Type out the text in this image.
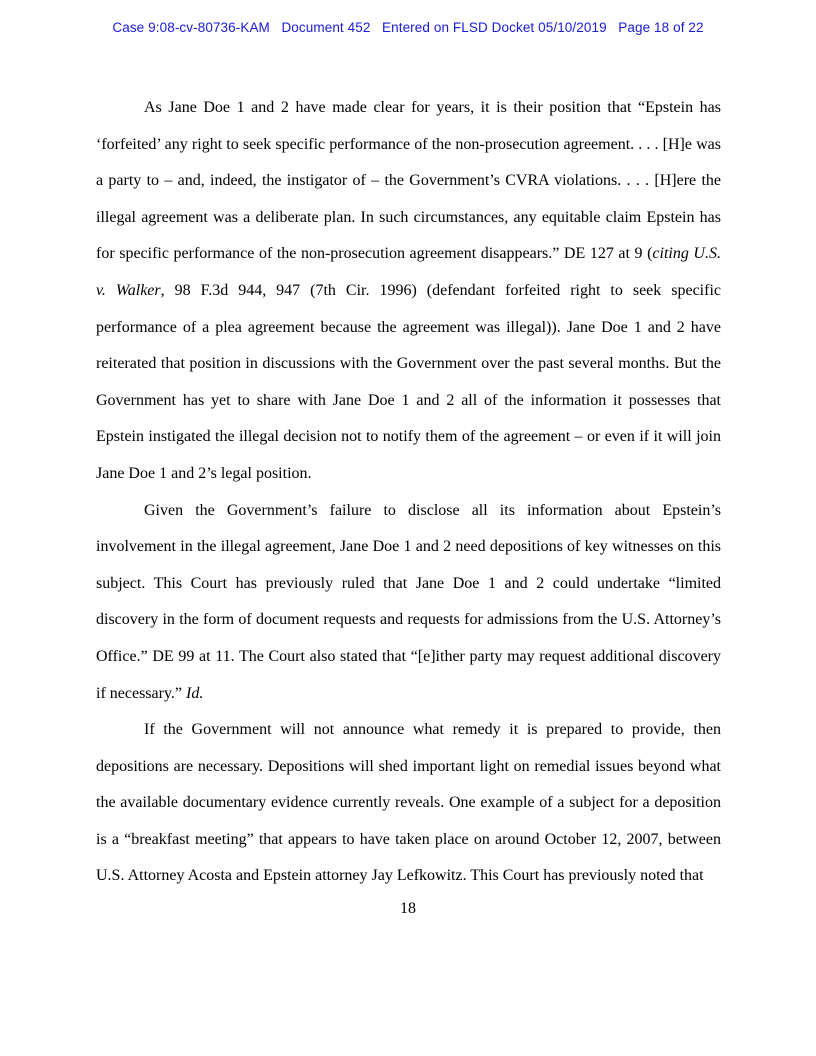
Case 9:08-cv-80736-KAM   Document 452   Entered on FLSD Docket 05/10/2019   Page 18 of 22

As Jane Doe 1 and 2 have made clear for years, it is their position that “Epstein has ‘forfeited’ any right to seek specific performance of the non-prosecution agreement. . . . [H]e was a party to – and, indeed, the instigator of – the Government’s CVRA violations. . . . [H]ere the illegal agreement was a deliberate plan. In such circumstances, any equitable claim Epstein has for specific performance of the non-prosecution agreement disappears.” DE 127 at 9 (citing U.S. v. Walker, 98 F.3d 944, 947 (7th Cir. 1996) (defendant forfeited right to seek specific performance of a plea agreement because the agreement was illegal)). Jane Doe 1 and 2 have reiterated that position in discussions with the Government over the past several months. But the Government has yet to share with Jane Doe 1 and 2 all of the information it possesses that Epstein instigated the illegal decision not to notify them of the agreement – or even if it will join Jane Doe 1 and 2’s legal position.

Given the Government’s failure to disclose all its information about Epstein’s involvement in the illegal agreement, Jane Doe 1 and 2 need depositions of key witnesses on this subject. This Court has previously ruled that Jane Doe 1 and 2 could undertake “limited discovery in the form of document requests and requests for admissions from the U.S. Attorney’s Office.” DE 99 at 11. The Court also stated that “[e]ither party may request additional discovery if necessary.” Id.

If the Government will not announce what remedy it is prepared to provide, then depositions are necessary. Depositions will shed important light on remedial issues beyond what the available documentary evidence currently reveals. One example of a subject for a deposition is a “breakfast meeting” that appears to have taken place on around October 12, 2007, between U.S. Attorney Acosta and Epstein attorney Jay Lefkowitz. This Court has previously noted that

18
